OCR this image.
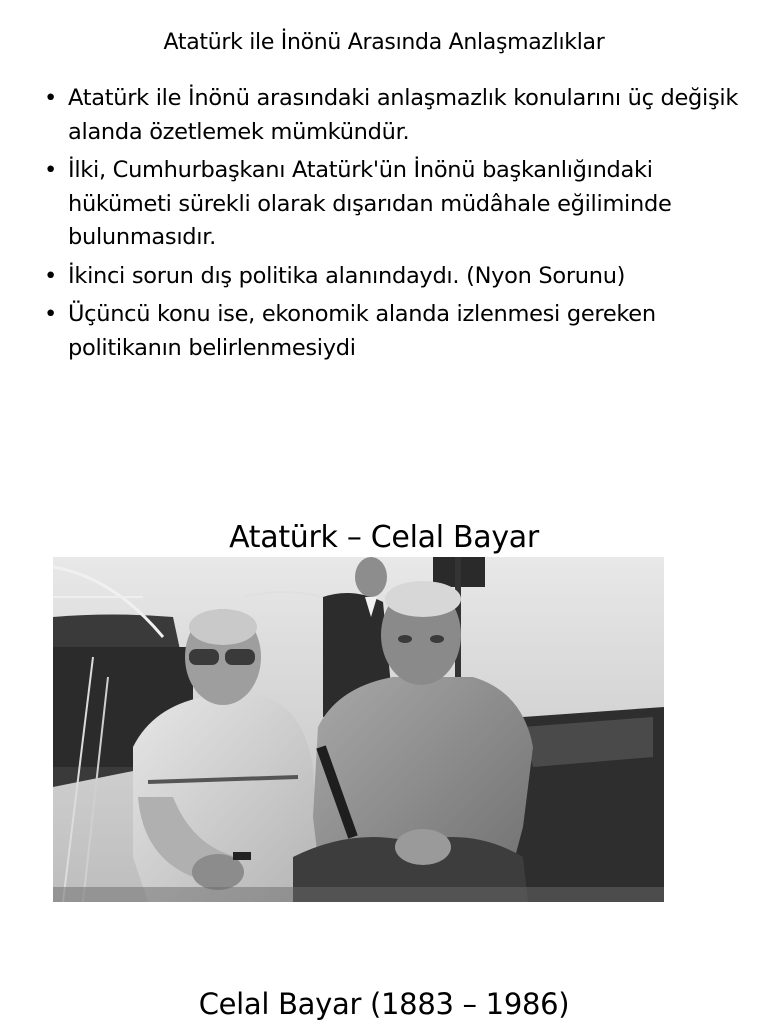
Atatürk ile İnönü Arasında Anlaşmazlıklar
• Atatürk ile İnönü arasındaki anlaşmazlık konularını üç değişik alanda özetlemek mümkündür.
• İlki, Cumhurbaşkanı Atatürk'ün İnönü başkanlığındaki hükümeti sürekli olarak dışarıdan müdâhale eğiliminde bulunmasıdır.
• İkinci sorun dış politika alanındaydı. (Nyon Sorunu)
• Üçüncü konu ise, ekonomik alanda izlenmesi gereken politikanın belirlenmesiydi
Atatürk – Celal Bayar
Celal Bayar (1883 – 1986)
